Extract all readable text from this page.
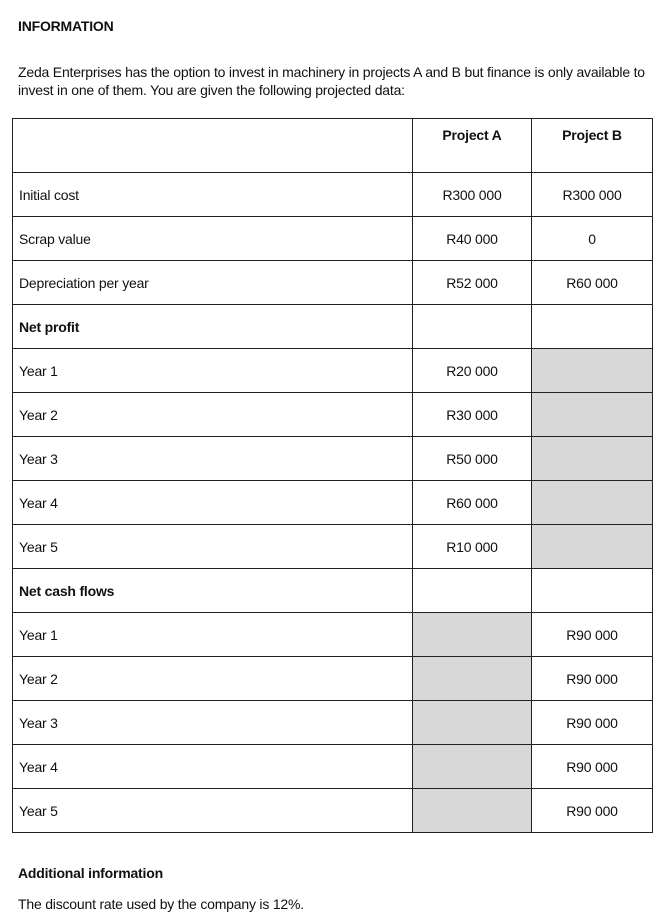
INFORMATION
Zeda Enterprises has the option to invest in machinery in projects A and B but finance is only available to invest in one of them. You are given the following projected data:
	Project A	Project B
Initial cost	R300 000	R300 000
Scrap value	R40 000	0
Depreciation per year	R52 000	R60 000
Net profit		
Year 1	R20 000	
Year 2	R30 000	
Year 3	R50 000	
Year 4	R60 000	
Year 5	R10 000	
Net cash flows		
Year 1		R90 000
Year 2		R90 000
Year 3		R90 000
Year 4		R90 000
Year 5		R90 000
Additional information
The discount rate used by the company is 12%.
